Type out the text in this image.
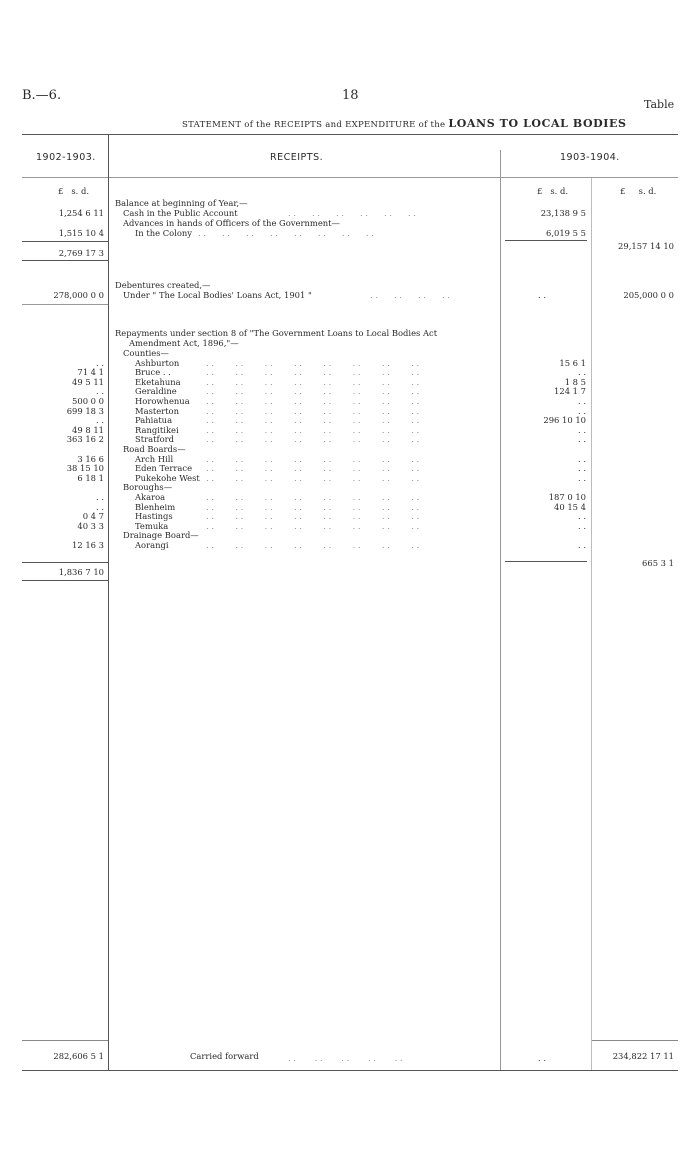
B.—6.	18
Table
STATEMENT of the RECEIPTS and EXPENDITURE of the LOANS TO LOCAL BODIES
1902-1903.	RECEIPTS.	1903-1904.
£ s. d.	£ s. d.	£ s. d.
Balance at beginning of Year,—
1,254 6 11 Cash in the Public Account	. . . . . . . . . . . .	23,138 9 5
Advances in hands of Officers of the Government—
1,515 10 4	In the Colony . . . . . . . . . . . . . . . .	6,019 5 5
2,769 17 3
29,157 14 10
Debentures created,—
278,000 0 0 Under " The Local Bodies' Loans Act, 1901 "	. . . . . . . .	. .	205,000 0 0
Repayments under section 8 of "The Government Loans to Local Bodies Act
Amendment Act, 1896,"—
Counties—
. .	Ashburton	. .	. .	. .	. .	. .	. .	. .	. .	15 6 1
71 4 1	Bruce . .	. .	. .	. .	. .	. .	. .	. .	. .	. .
49 5 11	Eketahuna	. .	. .	. .	. .	. .	. .	. .	. .	1 8 5
. .	Geraldine	. .	. .	. .	. .	. .	. .	. .	. .	124 1 7
500 0 0	Horowhenua . .	. .	. .	. .	. .	. .	. .	. .	. .
699 18 3	Masterton	. .	. .	. .	. .	. .	. .	. .	. .	. .
. .	Pahiatua	. .	. .	. .	. .	. .	. .	. .	. .	296 10 10
49 8 11	Rangitikei	. .	. .	. .	. .	. .	. .	. .	. .	. .
363 16 2	Stratford	. .	. .	. .	. .	. .	. .	. .	. .	. .
Road Boards—
3 16 6	Arch Hill	. .	. .	. .	. .	. .	. .	. .	. .	. .
38 15 10	Eden Terrace . .	. .	. .	. .	. .	. .	. .	. .	. .
6 18 1	Pukekohe West . .	. .	. .	. .	. .	. .	. .	. .	. .
Boroughs—
. .	Akaroa	. .	. .	. .	. .	. .	. .	. .	. .	187 0 10
. .	Blenheim	. .	. .	. .	. .	. .	. .	. .	. .	40 15 4
0 4 7	Hastings	. .	. .	. .	. .	. .	. .	. .	. .	. .
40 3 3	Temuka	. .	. .	. .	. .	. .	. .	. .	. .	. .
Drainage Board—
12 16 3	Aorangi	. .	. .	. .	. .	. .	. .	. .	. .	. .
1,836 7 10
665 3 1
282,606 5 1	Carried forward	. . . . . . . . . .	. .	234,822 17 11
